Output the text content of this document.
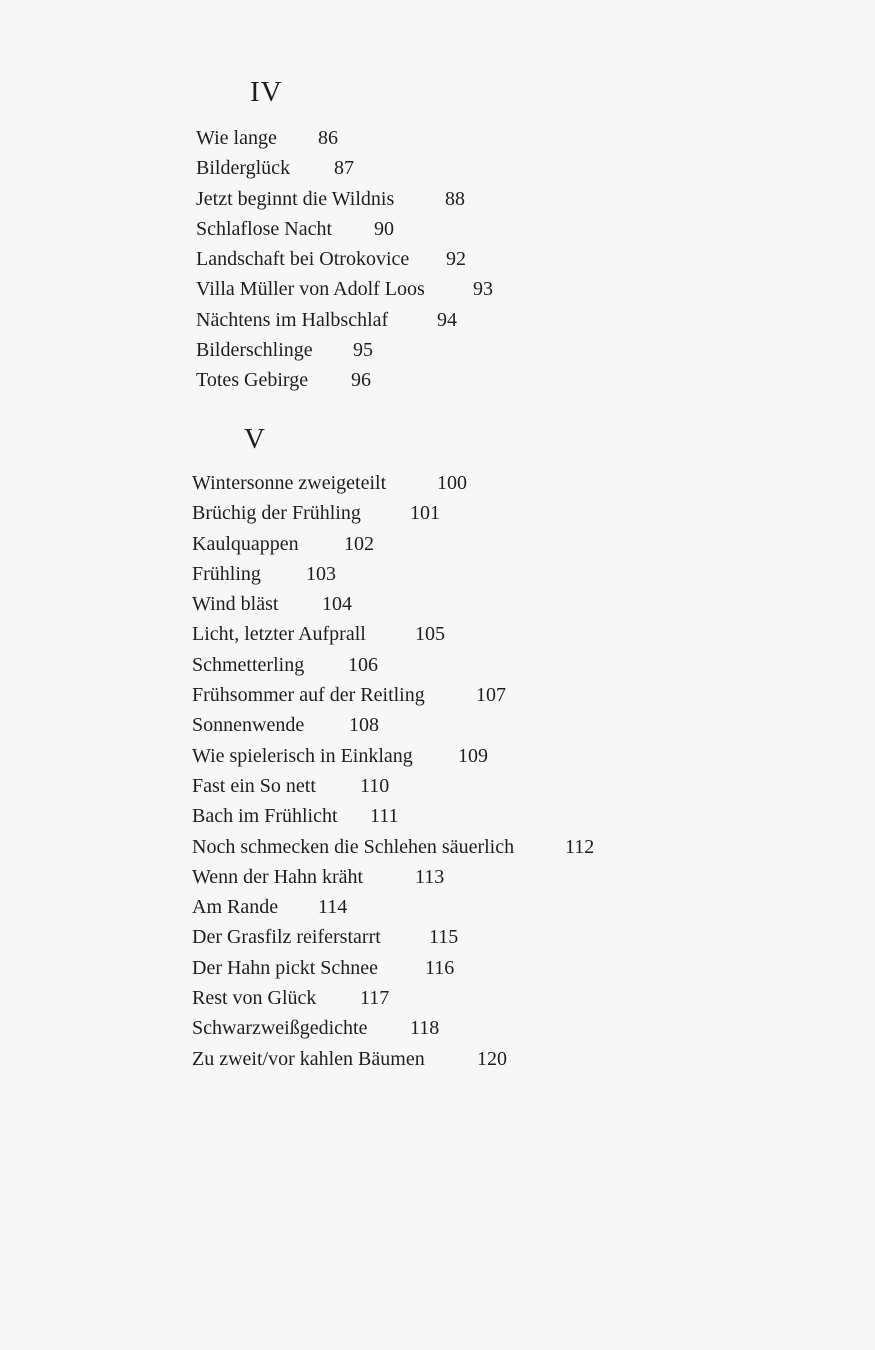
IV
Wie lange 86
Bilderglück 87
Jetzt beginnt die Wildnis	88
Schlaflose Nacht 90
Landschaft bei Otrokovice 92
Villa Müller von Adolf Loos 93
Nächtens im Halbschlaf 94
Bilderschlinge 95
Totes Gebirge 96
V
Wintersonne zweigeteilt	100
Brüchig der Frühling 101
Kaulquappen 102
Frühling 103
Wind bläst 104
Licht, letzter Aufprall 105
Schmetterling 106
Frühsommer auf der Reitling	107
Sonnenwende 108
Wie spielerisch in Einklang 109
Fast ein So nett 110
Bach im Frühlicht 111
Noch schmecken die Schlehen säuerlich	112
Wenn der Hahn kräht	113
Am Rande 114
Der Grasfilz reiferstarrt 115
Der Hahn pickt Schnee 116
Rest von Glück 117
Schwarzweißgedichte 118
Zu zweit/vor kahlen Bäumen	120
